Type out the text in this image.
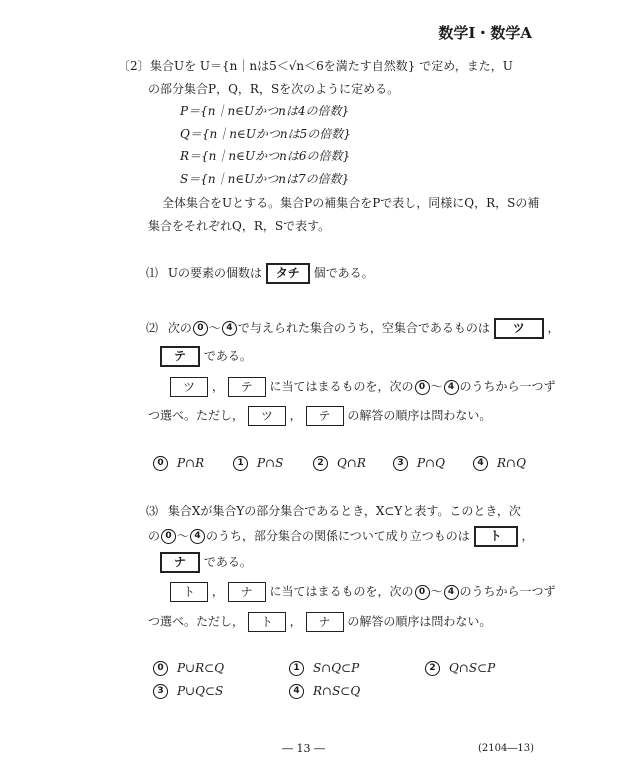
数学Ⅰ・数学A
〔2〕 集合Uを U＝{n｜nは5＜√n＜6を満たす自然数} で定め，また，U
の部分集合P，Q，R，Sを次のように定める。
P＝{n｜n∈Uかつnは4の倍数}
Q＝{n｜n∈Uかつnは5の倍数}
R＝{n｜n∈Uかつnは6の倍数}
S＝{n｜n∈Uかつnは7の倍数}
全体集合をUとする。集合Pの補集合をPで表し，同様にQ，R，Sの補
集合をそれぞれQ，R，Sで表す。
⑴ Uの要素の個数は タチ 個である。
⑵ 次の 0 ～ 4 で与えられた集合のうち，空集合であるものは ツ ，
テ である。
ツ ， テ に当てはまるものを，次の 0 ～ 4 のうちから一つず
つ選べ。ただし， ツ ， テ の解答の順序は問わない。
0 P∩R	1 P∩S	2 Q∩R	3 P∩Q	4 R∩Q
⑶ 集合Xが集合Yの部分集合であるとき，X⊂Yと表す。このとき，次
の 0 ～ 4 のうち，部分集合の関係について成り立つものは ト ，
ナ である。
ト ， ナ に当てはまるものを，次の 0 ～ 4 のうちから一つず
つ選べ。ただし， ト ， ナ の解答の順序は問わない。
0 P∪R⊂Q	1 S∩Q⊂P	2 Q∩S⊂P
3 P∪Q⊂S	4 R∩S⊂Q
― 13 ―	(2104―13)
